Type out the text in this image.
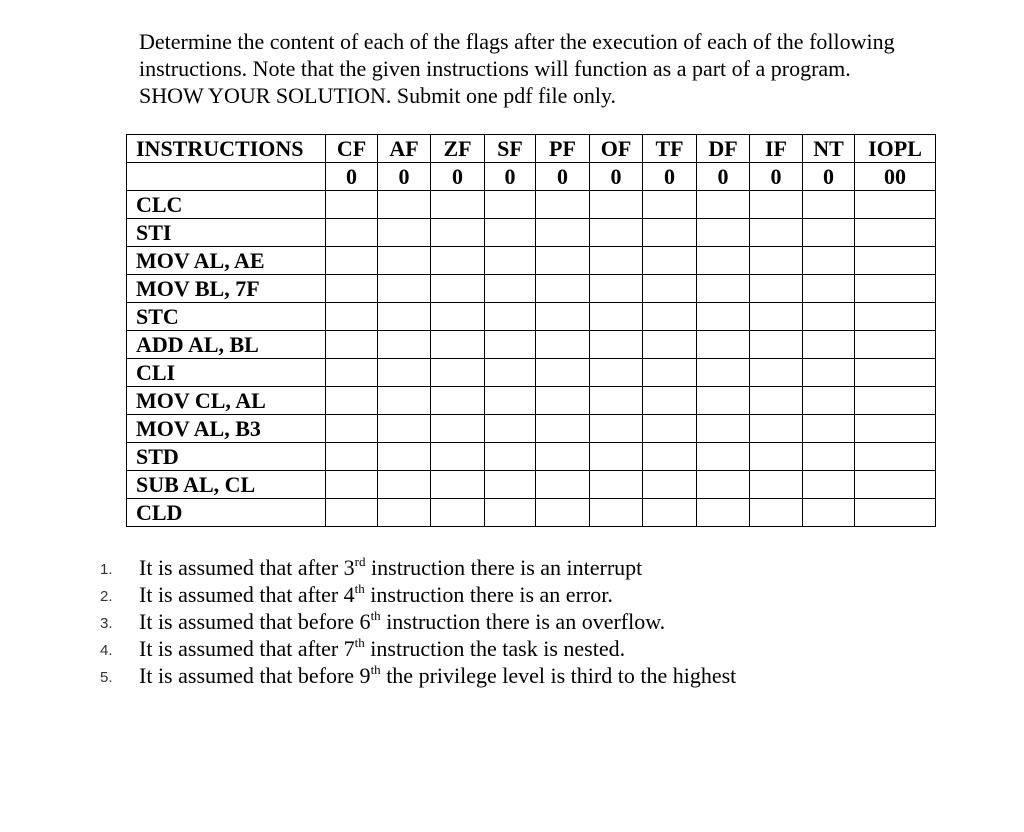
Determine the content of each of the flags after the execution of each of the following
instructions. Note that the given instructions will function as a part of a program.
SHOW YOUR SOLUTION. Submit one pdf file only.
INSTRUCTIONS	CF	AF	ZF	SF	PF	OF	TF	DF	IF	NT	IOPL
	0	0	0	0	0	0	0	0	0	0	00
CLC											
STI											
MOV AL, AE											
MOV BL, 7F											
STC											
ADD AL, BL											
CLI											
MOV CL, AL											
MOV AL, B3											
STD											
SUB AL, CL											
CLD											
1. It is assumed that after 3rd instruction there is an interrupt
2. It is assumed that after 4th instruction there is an error.
3. It is assumed that before 6th instruction there is an overflow.
4. It is assumed that after 7th instruction the task is nested.
5. It is assumed that before 9th the privilege level is third to the highest
